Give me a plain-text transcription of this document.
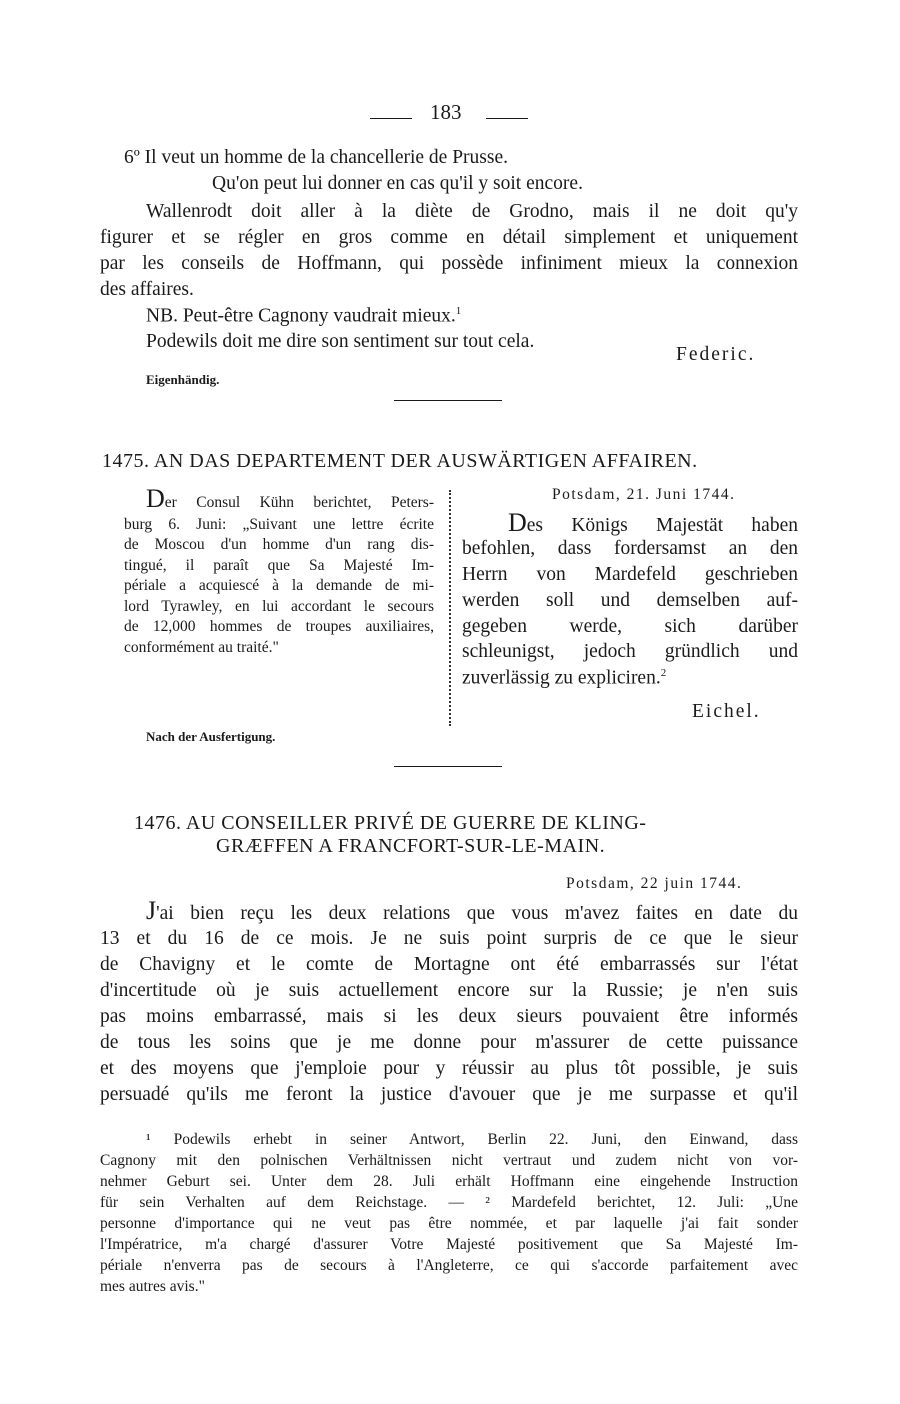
183
6º Il veut un homme de la chancellerie de Prusse.
Qu'on peut lui donner en cas qu'il y soit encore.
Wallenrodt doit aller à la diète de Grodno, mais il ne doit qu'y
figurer et se régler en gros comme en détail simplement et uniquement
par les conseils de Hoffmann, qui possède infiniment mieux la connexion
des affaires.
NB. Peut-être Cagnony vaudrait mieux.$^1$
Podewils doit me dire son sentiment sur tout cela.
Federic.
Eigenhändig.
1475. AN DAS DEPARTEMENT DER AUSWÄRTIGEN AFFAIREN.
Der Consul Kühn berichtet, Peters-
burg 6. Juni: „Suivant une lettre écrite
de Moscou d'un homme d'un rang dis-
tingué, il paraît que Sa Majesté Im-
périale a acquiescé à la demande de mi-
lord Tyrawley, en lui accordant le secours
de 12,000 hommes de troupes auxiliaires,
conformément au traité."
Potsdam, 21. Juni 1744.
Des Königs Majestät haben
befohlen, dass fordersamst an den
Herrn von Mardefeld geschrieben
werden soll und demselben auf-
gegeben werde, sich darüber
schleunigst, jedoch gründlich und
zuverlässig zu expliciren.$^2$
Eichel.
Nach der Ausfertigung.
1476. AU CONSEILLER PRIVÉ DE GUERRE DE KLING-
GRÆFFEN A FRANCFORT-SUR-LE-MAIN.
Potsdam, 22 juin 1744.
J'ai bien reçu les deux relations que vous m'avez faites en date du
13 et du 16 de ce mois. Je ne suis point surpris de ce que le sieur
de Chavigny et le comte de Mortagne ont été embarrassés sur l'état
d'incertitude où je suis actuellement encore sur la Russie; je n'en suis
pas moins embarrassé, mais si les deux sieurs pouvaient être informés
de tous les soins que je me donne pour m'assurer de cette puissance
et des moyens que j'emploie pour y réussir au plus tôt possible, je suis
persuadé qu'ils me feront la justice d'avouer que je me surpasse et qu'il
¹ Podewils erhebt in seiner Antwort, Berlin 22. Juni, den Einwand, dass
Cagnony mit den polnischen Verhältnissen nicht vertraut und zudem nicht von vor-
nehmer Geburt sei. Unter dem 28. Juli erhält Hoffmann eine eingehende Instruction
für sein Verhalten auf dem Reichstage. — ² Mardefeld berichtet, 12. Juli: „Une
personne d'importance qui ne veut pas être nommée, et par laquelle j'ai fait sonder
l'Impératrice, m'a chargé d'assurer Votre Majesté positivement que Sa Majesté Im-
périale n'enverra pas de secours à l'Angleterre, ce qui s'accorde parfaitement avec
mes autres avis."
